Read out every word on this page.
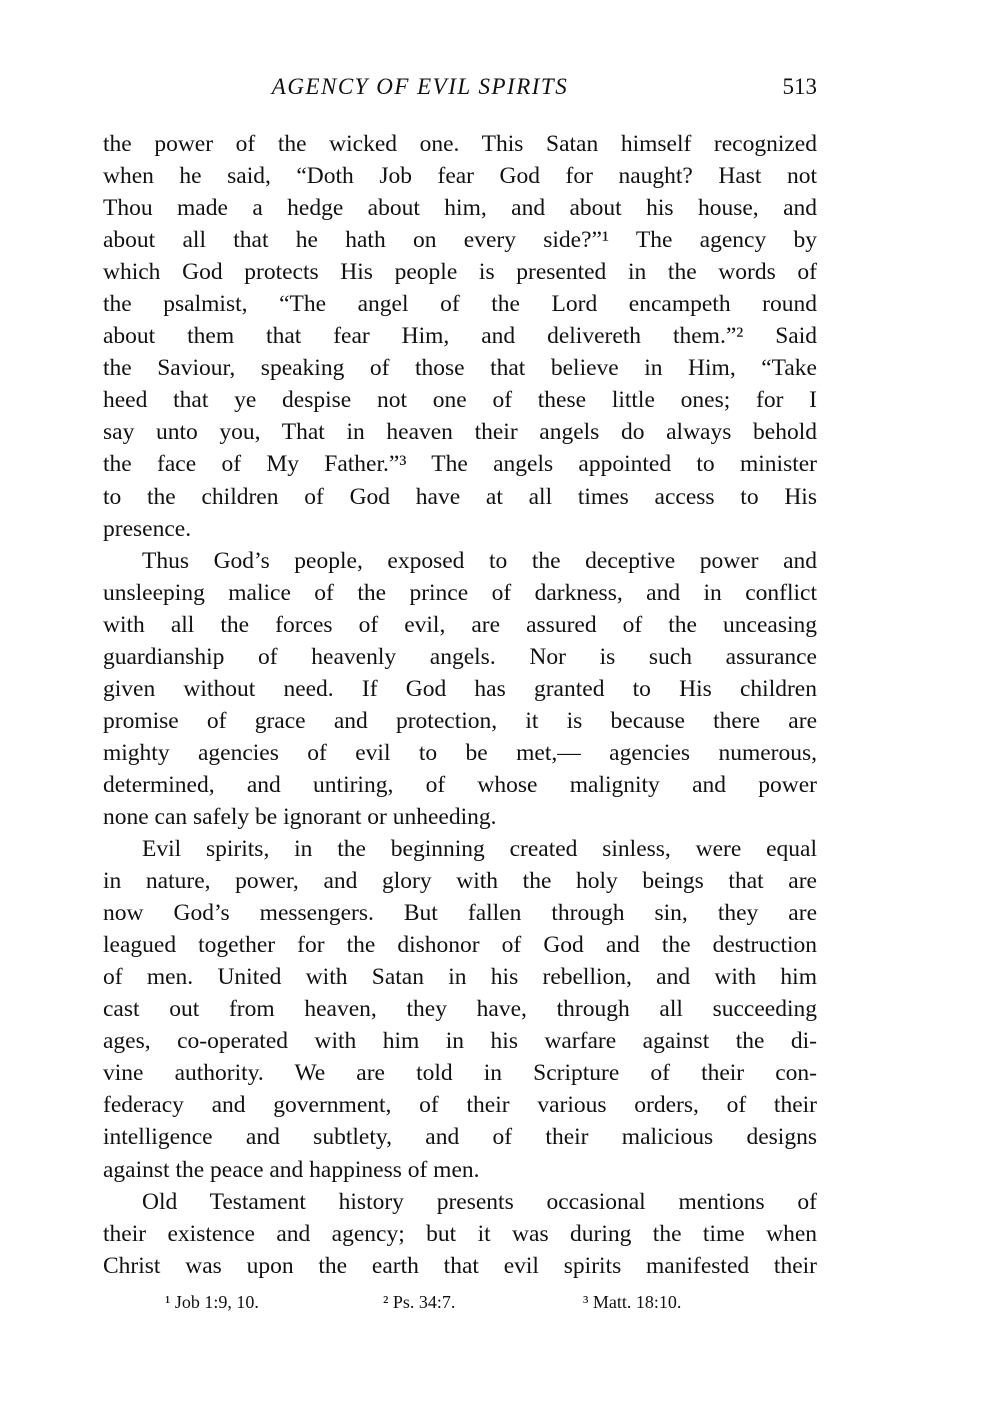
AGENCY OF EVIL SPIRITS	513
the power of the wicked one. This Satan himself recognized
when he said, “Doth Job fear God for naught? Hast not
Thou made a hedge about him, and about his house, and
about all that he hath on every side?”¹ The agency by
which God protects His people is presented in the words of
the psalmist, “The angel of the Lord encampeth round
about them that fear Him, and delivereth them.”² Said
the Saviour, speaking of those that believe in Him, “Take
heed that ye despise not one of these little ones; for I
say unto you, That in heaven their angels do always behold
the face of My Father.”³ The angels appointed to minister
to the children of God have at all times access to His
presence.
Thus God’s people, exposed to the deceptive power and
unsleeping malice of the prince of darkness, and in conflict
with all the forces of evil, are assured of the unceasing
guardianship of heavenly angels. Nor is such assurance
given without need. If God has granted to His children
promise of grace and protection, it is because there are
mighty agencies of evil to be met,— agencies numerous,
determined, and untiring, of whose malignity and power
none can safely be ignorant or unheeding.
Evil spirits, in the beginning created sinless, were equal
in nature, power, and glory with the holy beings that are
now God’s messengers. But fallen through sin, they are
leagued together for the dishonor of God and the destruction
of men. United with Satan in his rebellion, and with him
cast out from heaven, they have, through all succeeding
ages, co-operated with him in his warfare against the di-
vine authority. We are told in Scripture of their con-
federacy and government, of their various orders, of their
intelligence and subtlety, and of their malicious designs
against the peace and happiness of men.
Old Testament history presents occasional mentions of
their existence and agency; but it was during the time when
Christ was upon the earth that evil spirits manifested their
¹ Job 1:9, 10.	² Ps. 34:7.	³ Matt. 18:10.
